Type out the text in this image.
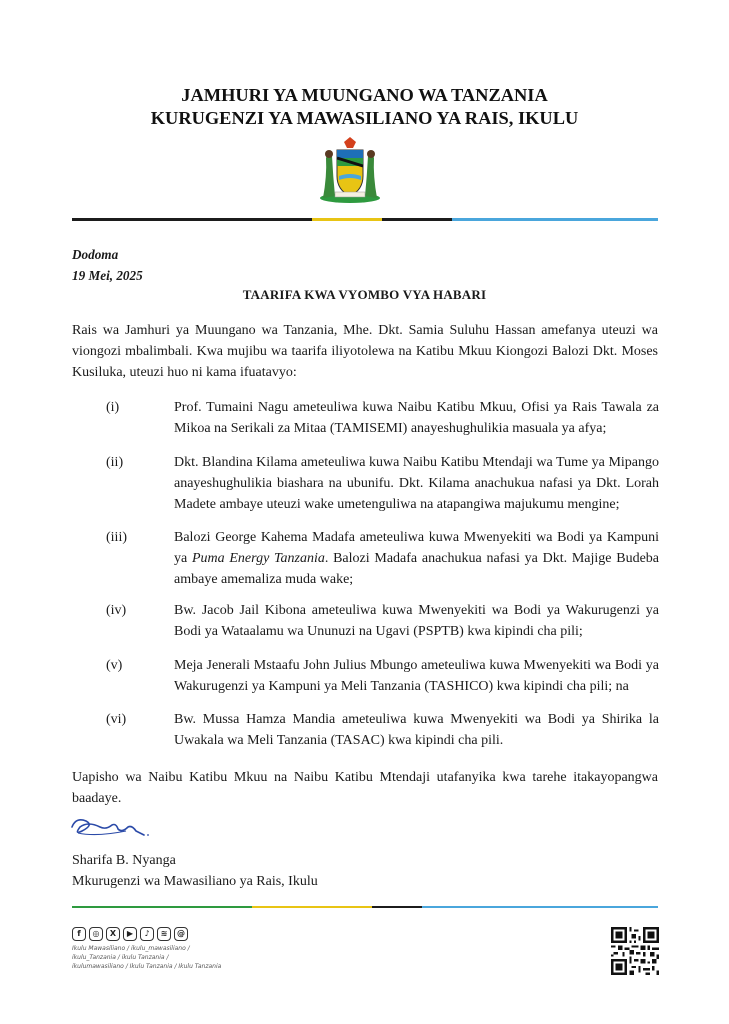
JAMHURI YA MUUNGANO WA TANZANIA
KURUGENZI YA MAWASILIANO YA RAIS, IKULU
Dodoma
19 Mei, 2025
TAARIFA KWA VYOMBO VYA HABARI
Rais wa Jamhuri ya Muungano wa Tanzania, Mhe. Dkt. Samia Suluhu Hassan amefanya uteuzi wa viongozi mbalimbali. Kwa mujibu wa taarifa iliyotolewa na Katibu Mkuu Kiongozi Balozi Dkt. Moses Kusiluka, uteuzi huo ni kama ifuatavyo:
(i)	Prof. Tumaini Nagu ameteuliwa kuwa Naibu Katibu Mkuu, Ofisi ya Rais Tawala za Mikoa na Serikali za Mitaa (TAMISEMI) anayeshughulikia masuala ya afya;
(ii)	Dkt. Blandina Kilama ameteuliwa kuwa Naibu Katibu Mtendaji wa Tume ya Mipango anayeshughulikia biashara na ubunifu. Dkt. Kilama anachukua nafasi ya Dkt. Lorah Madete ambaye uteuzi wake umetenguliwa na atapangiwa majukumu mengine;
(iii)	Balozi George Kahema Madafa ameteuliwa kuwa Mwenyekiti wa Bodi ya Kampuni ya Puma Energy Tanzania. Balozi Madafa anachukua nafasi ya Dkt. Majige Budeba ambaye amemaliza muda wake;
(iv)	Bw. Jacob Jail Kibona ameteuliwa kuwa Mwenyekiti wa Bodi ya Wakurugenzi ya Bodi ya Wataalamu wa Ununuzi na Ugavi (PSPTB) kwa kipindi cha pili;
(v)	Meja Jenerali Mstaafu John Julius Mbungo ameteuliwa kuwa Mwenyekiti wa Bodi ya Wakurugenzi ya Kampuni ya Meli Tanzania (TASHICO) kwa kipindi cha pili; na
(vi)	Bw. Mussa Hamza Mandia ameteuliwa kuwa Mwenyekiti wa Bodi ya Shirika la Uwakala wa Meli Tanzania (TASAC) kwa kipindi cha pili.
Uapisho wa Naibu Katibu Mkuu na Naibu Katibu Mtendaji utafanyika kwa tarehe itakayopangwa baadaye.
Sharifa B. Nyanga
Mkurugenzi wa Mawasiliano ya Rais, Ikulu
f	◎	X	▶	♪	≋	@
Ikulu Mawasiliano / ikulu_mawasiliano /
ikulu_Tanzania / ikulu Tanzania /
ikulumawasiliano / Ikulu Tanzania / Ikulu Tanzania
